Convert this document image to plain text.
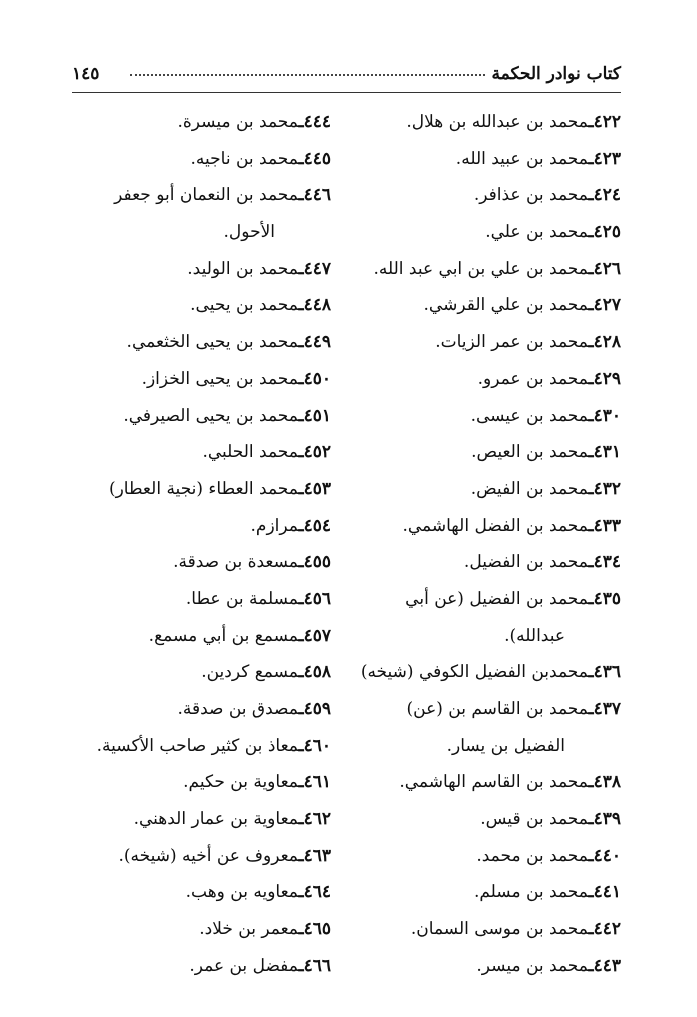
كتاب نوادر الحكمة
١٤٥
٤٢٢ـمحمد بن عبدالله بن هلال.
٤٢٣ـمحمد بن عبيد الله.
٤٢٤ـمحمد بن عذافر.
٤٢٥ـمحمد بن علي.
٤٢٦ـمحمد بن علي بن ابي عبد الله.
٤٢٧ـمحمد بن علي القرشي.
٤٢٨ـمحمد بن عمر الزيات.
٤٢٩ـمحمد بن عمرو.
٤٣٠ـمحمد بن عيسى.
٤٣١ـمحمد بن العيص.
٤٣٢ـمحمد بن الفيض.
٤٣٣ـمحمد بن الفضل الهاشمي.
٤٣٤ـمحمد بن الفضيل.
٤٣٥ـمحمد بن الفضيل (عن أبي
عبدالله).
٤٣٦ـمحمدبن الفضيل الكوفي (شيخه)
٤٣٧ـمحمد بن القاسم بن (عن)
الفضيل بن يسار.
٤٣٨ـمحمد بن القاسم الهاشمي.
٤٣٩ـمحمد بن قيس.
٤٤٠ـمحمد بن محمد.
٤٤١ـمحمد بن مسلم.
٤٤٢ـمحمد بن موسى السمان.
٤٤٣ـمحمد بن ميسر.
٤٤٤ـمحمد بن ميسرة.
٤٤٥ـمحمد بن ناجيه.
٤٤٦ـمحمد بن النعمان أبو جعفر
الأحول.
٤٤٧ـمحمد بن الوليد.
٤٤٨ـمحمد بن يحيى.
٤٤٩ـمحمد بن يحيى الخثعمي.
٤٥٠ـمحمد بن يحيى الخزاز.
٤٥١ـمحمد بن يحيى الصيرفي.
٤٥٢ـمحمد الحلبي.
٤٥٣ـمحمد العطاء (نجية العطار)
٤٥٤ـمرازم.
٤٥٥ـمسعدة بن صدقة.
٤٥٦ـمسلمة بن عطا.
٤٥٧ـمسمع بن أبي مسمع.
٤٥٨ـمسمع كردين.
٤٥٩ـمصدق بن صدقة.
٤٦٠ـمعاذ بن كثير صاحب الأكسية.
٤٦١ـمعاوية بن حكيم.
٤٦٢ـمعاوية بن عمار الدهني.
٤٦٣ـمعروف عن أخيه (شيخه).
٤٦٤ـمعاويه بن وهب.
٤٦٥ـمعمر بن خلاد.
٤٦٦ـمفضل بن عمر.
